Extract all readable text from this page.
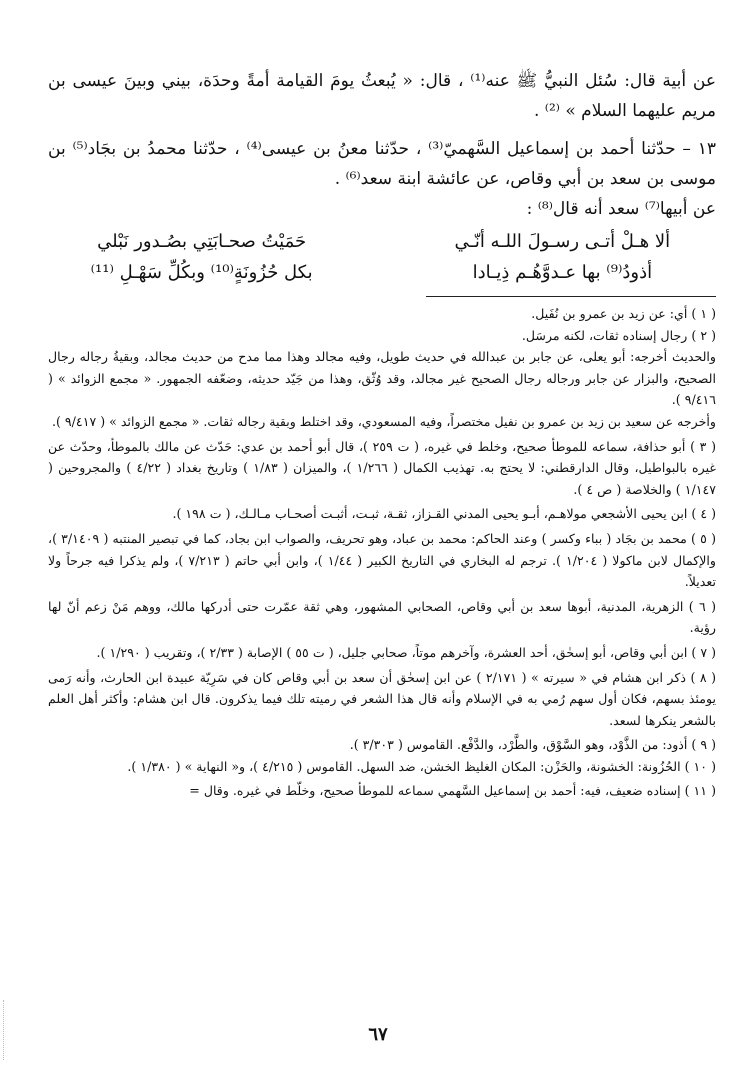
عن أبية قال: سُئل النبيُّ ﷺ عنه⁽¹⁾ ، قال: « يُبعثُ يومَ القيامة أمةً وحدَة، بيني وبينَ عيسى بن مريم عليهما السلام » ⁽²⁾ .

١٣ – حدّثنا أحمد بن إسماعيل السَّهميّ⁽³⁾ ، حدّثنا معنُ بن عيسى⁽⁴⁾ ، حدّثنا محمدُ بن بجَاد⁽⁵⁾ بن موسى بن سعد بن أبي وقاص، عن عائشة ابنة سعد⁽⁶⁾ .

عن أبيها⁽⁷⁾ سعد أنه قال⁽⁸⁾ :

ألا هـلْ أتـى رسـولَ اللـه أنّـي
حَمَيْتُ صحـابَتِي بصُـدور نَبْلي
أذودُ⁽⁹⁾ بها عـدوَّهُـم ذِيـادا
بكل حُزُونَةٍ⁽¹⁰⁾ وبكُلِّ سَهْـلِ ⁽¹¹⁾

( ١ ) أي: عن زيد بن عمرو بن نُفَيل.

( ٢ ) رجال إسناده ثقات، لكنه مرسَل.

والحديث أخرجه: أبو يعلى، عن جابر بن عبدالله في حديث طويل، وفيه مجالد وهذا مما مدح من حديث مجالد، وبقيةُ رجاله رجال الصحيح، والبزار عن جابر ورجاله رجال الصحيح غير مجالد، وقد وُثّق، وهذا من جَيّد حديثه، وضعّفه الجمهور. « مجمع الزوائد » ( ٩/٤١٦ ).

وأخرجه عن سعيد بن زيد بن عمرو بن نفيل مختصراً، وفيه المسعودي، وقد اختلط وبقية رجاله ثقات. « مجمع الزوائد » ( ٩/٤١٧ ).

( ٣ ) أبو حذافة، سماعه للموطأ صحيح، وخلط في غيره، ( ت ٢٥٩ )، قال أبو أحمد بن عدي: حَدّث عن مالك بالموطأ، وحدّث عن غيره بالبواطيل، وقال الدارقطني: لا يحتج به. تهذيب الكمال ( ١/٢٦٦ )، والميزان ( ١/٨٣ ) وتاريخ بغداد ( ٤/٢٢ ) والمجروحين ( ١/١٤٧ ) والخلاصة ( ص ٤ ).

( ٤ ) ابن يحيى الأشجعي مولاهـم، أبـو يحيى المدني القـزاز، ثقـة، ثبـت، أثبـت أصحـاب مـالـك، ( ت ١٩٨ ).

( ٥ ) محمد بن بجَاد ( بباء وكسر ) وعند الحاكم: محمد بن عباد، وهو تحريف، والصواب ابن بجاد، كما في تبصير المنتبه ( ٣/١٤٠٩ )، والإكمال لابن ماكولا ( ١/٢٠٤ ). ترجم له البخاري في التاريخ الكبير ( ١/٤٤ )، وابن أبي حاتم ( ٧/٢١٣ )، ولم يذكرا فيه جرحاً ولا تعديلاً.

( ٦ ) الزهرية، المدنية، أبوها سعد بن أبي وقاص، الصحابي المشهور، وهي ثقة عمّرت حتى أدركها مالك، ووهم مَنْ زعم أنّ لها رؤية.

( ٧ ) ابن أبي وقاص، أبو إسحٰق، أحد العشرة، وآخرهم موتاً، صحابي جليل، ( ت ٥٥ ) الإصابة ( ٢/٣٣ )، وتقريب ( ١/٢٩٠ ).

( ٨ ) ذكر ابن هشام في « سيرته » ( ٢/١٧١ ) عن ابن إسحٰق أن سعد بن أبي وقاص كان في سَرِيّة عبيدة ابن الحارث، وأنه رَمى يومئذ بسهم، فكان أول سهم رُمي به في الإسلام وأنه قال هذا الشعر في رميته تلك فيما يذكرون. قال ابن هشام: وأكثر أهل العلم بالشعر ينكرها لسعد.

( ٩ ) أذود: من الذَّوْد، وهو السَّوْق، والطَّرْد، والدَّفْع. القاموس ( ٣/٣٠٣ ).

( ١٠ ) الحُزُونة: الخشونة، والحَزْن: المكان الغليظ الخشن، ضد السهل. القاموس ( ٤/٢١٥ )، و« النهاية » ( ١/٣٨٠ ).

( ١١ ) إسناده ضعيف، فيه: أحمد بن إسماعيل السَّهمي سماعه للموطأ صحيح، وخلّط في غيره. وقال =

٦٧
